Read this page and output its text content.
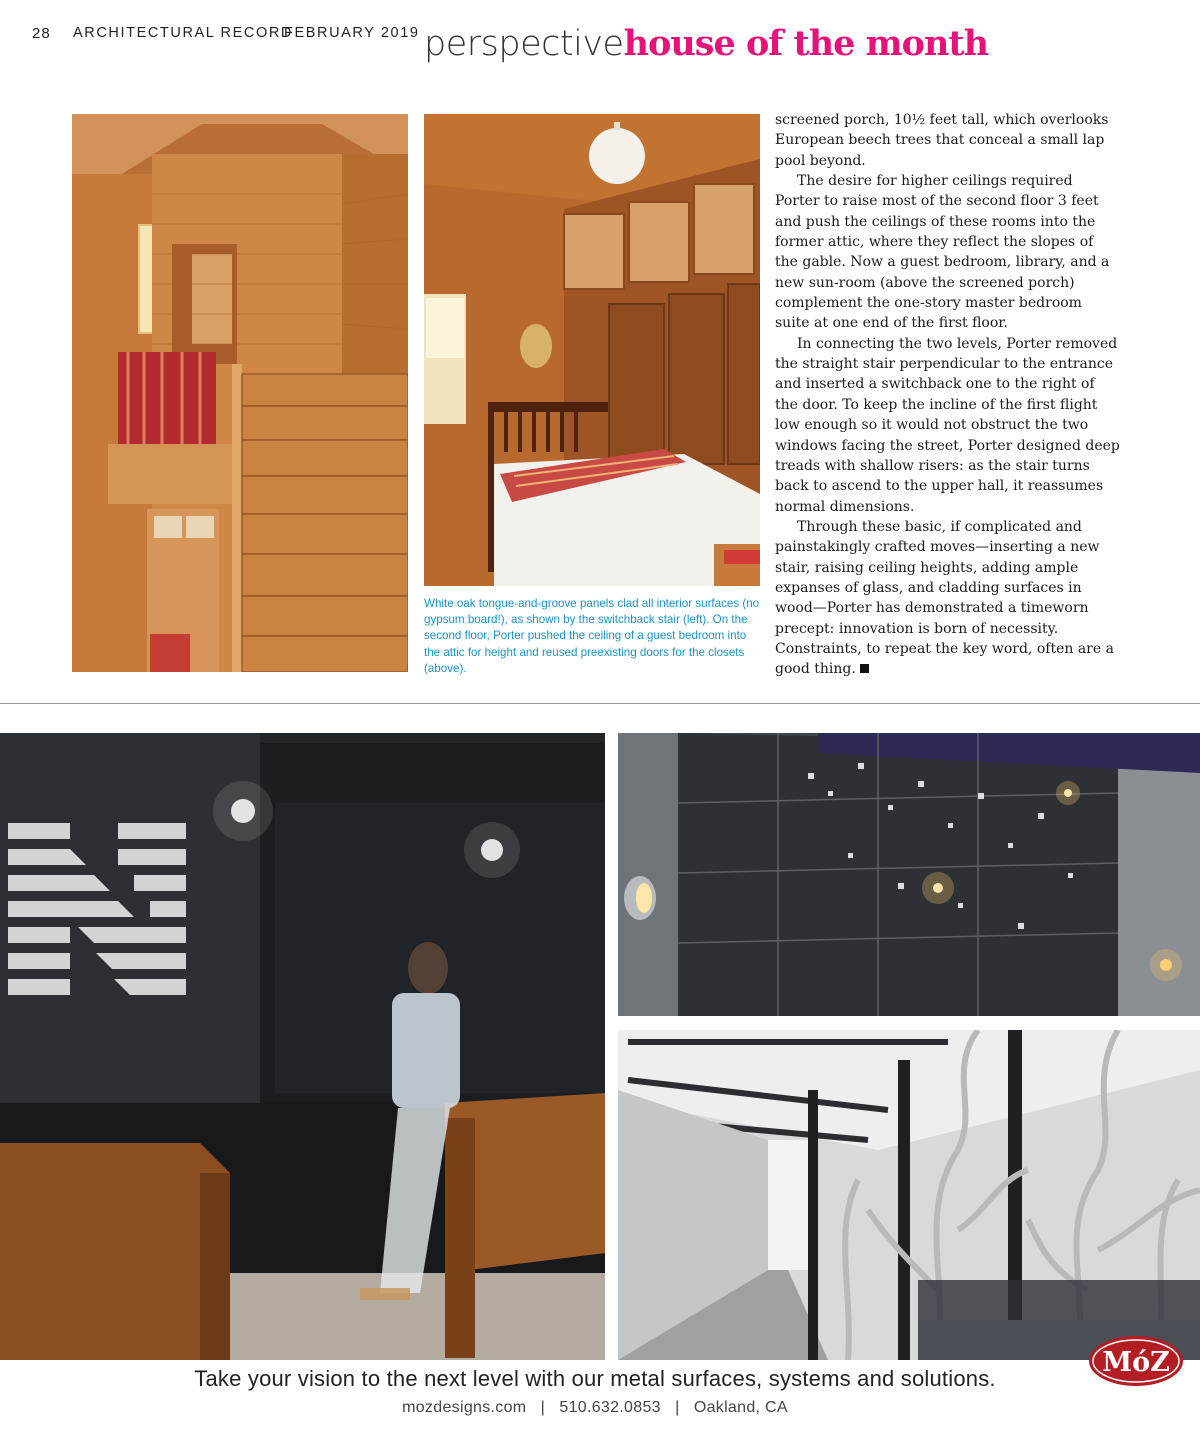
28 ARCHITECTURAL RECORD
FEBRUARY 2019 perspectivehouse of the month

White oak tongue-and-groove panels clad all interior surfaces (no gypsum board!), as shown by the switchback stair (left). On the second floor, Porter pushed the ceiling of a guest bedroom into the attic for height and reused preexisting doors for the closets (above).

screened porch, 10½ feet tall, which overlooks European beech trees that conceal a small lap pool beyond.

The desire for higher ceilings required Porter to raise most of the second floor 3 feet and push the ceilings of these rooms into the former attic, where they reflect the slopes of the gable. Now a guest bedroom, library, and a new sun-room (above the screened porch) complement the one-story master bedroom suite at one end of the first floor.

In connecting the two levels, Porter removed the straight stair perpendicular to the entrance and inserted a switchback one to the right of the door. To keep the incline of the first flight low enough so it would not obstruct the two windows facing the street, Porter designed deep treads with shallow risers: as the stair turns back to ascend to the upper hall, it reassumes normal dimensions.

Through these basic, if complicated and painstakingly crafted moves—inserting a new stair, raising ceiling heights, adding ample expanses of glass, and cladding surfaces in wood—Porter has demonstrated a timeworn precept: innovation is born of necessity. Constraints, to repeat the key word, often are a good thing.

Take your vision to the next level with our metal surfaces, systems and solutions.

mozdesigns.com | 510.632.0853 | Oakland, CA

MóZ
